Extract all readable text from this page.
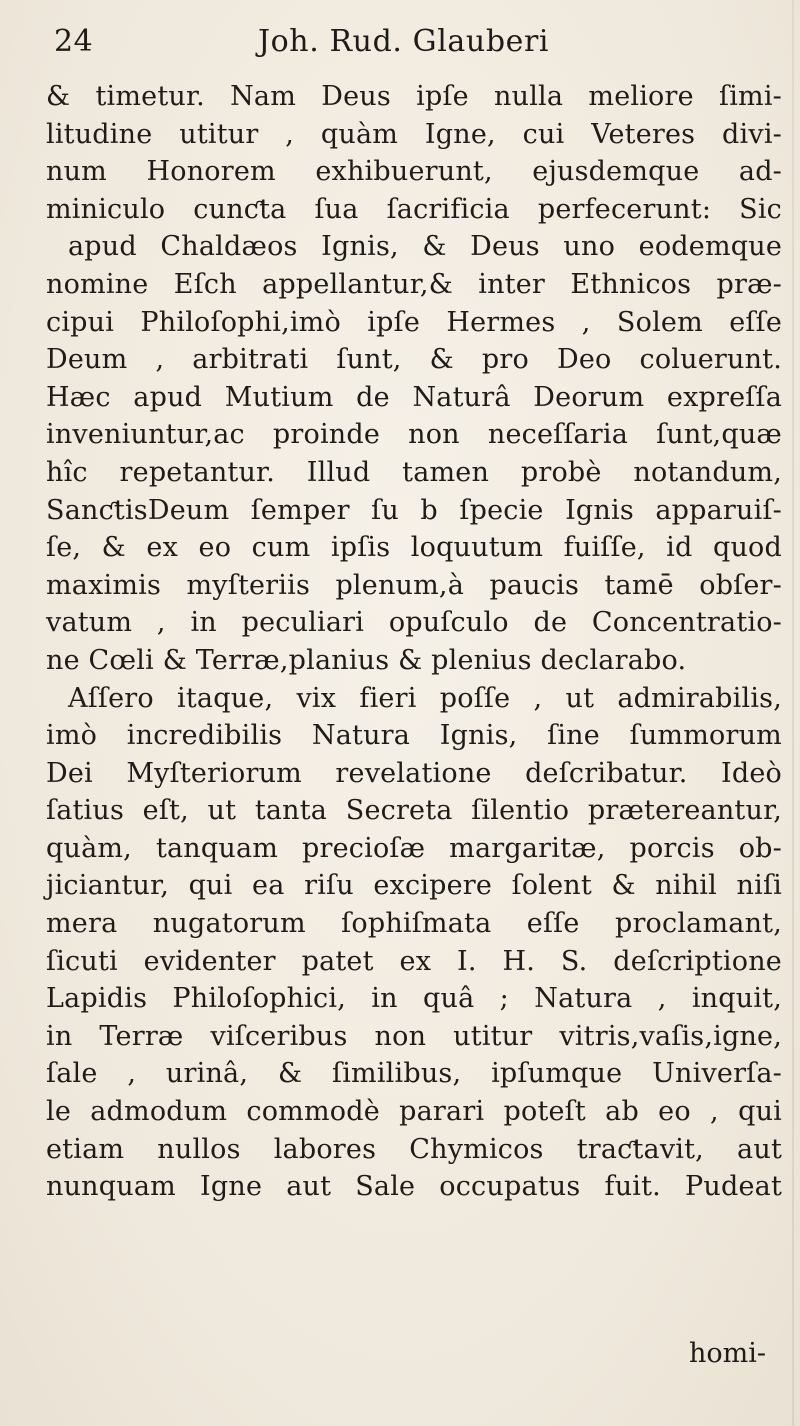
24	Joh. Rud. Glauberi
& timetur. Nam Deus ipſe nulla meliore ſimi-
litudine utitur , quàm Igne, cui Veteres divi-
num Honorem exhibuerunt, ejusdemque ad-
miniculo cunƈta ſua ſacrificia perfecerunt: Sic
apud Chaldæos Ignis, & Deus uno eodemque
nomine Eſch appellantur,& inter Ethnicos præ-
cipui Philoſophi,imò ipſe Hermes , Solem eſſe
Deum , arbitrati ſunt, & pro Deo coluerunt.
Hæc apud Mutium de Naturâ Deorum expreſſa
inveniuntur,ac proinde non neceſſaria ſunt,quæ
hîc repetantur. Illud tamen probè notandum,
SanƈtisDeum ſemper ſu b ſpecie Ignis apparuiſ-
ſe, & ex eo cum ipſis loquutum fuiſſe, id quod
maximis myſteriis plenum,à paucis tamē obſer-
vatum , in peculiari opuſculo de Concentratio-
ne Cœli & Terræ,planius & plenius declarabo.
Aſſero itaque, vix fieri poſſe , ut admirabilis,
imò incredibilis Natura Ignis, ſine ſummorum
Dei Myſteriorum revelatione deſcribatur. Ideò
ſatius eſt, ut tanta Secreta ſilentio prætereantur,
quàm, tanquam precioſæ margaritæ, porcis ob-
jiciantur, qui ea riſu excipere ſolent & nihil niſi
mera nugatorum ſophiſmata eſſe proclamant,
ſicuti evidenter patet ex I. H. S. deſcriptione
Lapidis Philoſophici, in quâ ; Natura , inquit,
in Terræ viſceribus non utitur vitris,vaſis,igne,
ſale , urinâ, & ſimilibus, ipſumque Univerſa-
le admodum commodè parari poteſt ab eo , qui
etiam nullos labores Chymicos traƈtavit, aut
nunquam Igne aut Sale occupatus fuit. Pudeat
homi-
